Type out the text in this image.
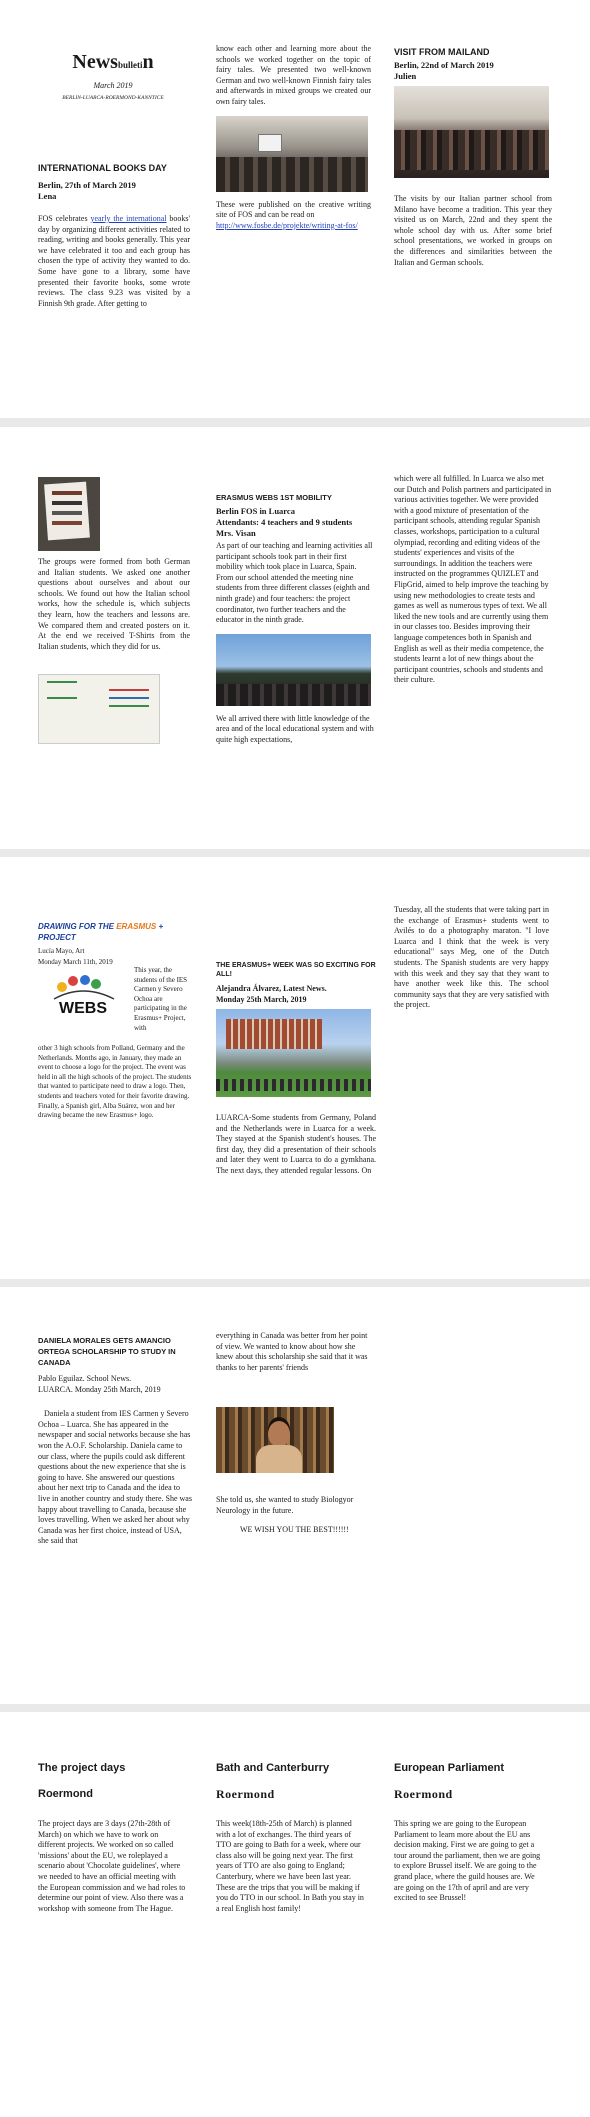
Newsbulletin
March 2019
BERLIN-LUARCA-ROERMOND-KANNTICE

INTERNATIONAL BOOKS DAY

Berlin, 27th of March 2019

Lena

FOS celebrates yearly the international books' day by organizing different activities related to reading, writing and books generally. This year we have celebrated it too and each group has chosen the type of activity they wanted to do. Some have gone to a library, some have presented their favorite books, some wrote reviews. The class 9.23 was visited by a Finnish 9th grade. After getting to

know each other and learning more about the schools we worked together on the topic of fairy tales. We presented two well-known German and two well-known Finnish fairy tales and afterwards in mixed groups we created our own fairy tales.

These were published on the creative writing site of FOS and can be read on

http://www.fosbe.de/projekte/writing-at-fos/

VISIT FROM MAILAND

Berlin, 22nd of March 2019

Julien

The visits by our Italian partner school from Milano have become a tradition. This year they visited us on March, 22nd and they spent the whole school day with us. After some brief school presentations, we worked in groups on the differences and similarities between the Italian and German schools.

The groups were formed from both German and Italian students. We asked one another questions about ourselves and about our schools. We found out how the Italian school works, how the schedule is, which subjects they learn, how the teachers and lessons are. We compared them and created posters on it. At the end we received T-Shirts from the Italian students, which they did for us.

ERASMUS WEBS 1ST MOBILITY

Berlin FOS in Luarca

Attendants: 4 teachers and 9 students

Mrs. Visan

As part of our teaching and learning activities all participant schools took part in their first mobility which took place in Luarca, Spain. From our school attended the meeting nine students from three different classes (eighth and ninth grade) and four teachers: the project coordinator, two further teachers and the educator in the ninth grade.

We all arrived there with little knowledge of the area and of the local educational system and with quite high expectations,

which were all fulfilled. In Luarca we also met our Dutch and Polish partners and participated in various activities together. We were provided with a good mixture of presentation of the participant schools, attending regular Spanish classes, workshops, participation to a cultural olympiad, recording and editing videos of the students' experiences and visits of the surroundings. In addition the teachers were instructed on the programmes QUIZLET and FlipGrid, aimed to help improve the teaching by using new methodologies to create tests and games as well as numerous types of text. We all liked the new tools and are currently using them in our classes too. Besides improving their language competences both in Spanish and English as well as their media competence, the students learnt a lot of new things about the participant countries, schools and students and their culture.

DRAWING FOR THE ERASMUS + PROJECT

Lucía Mayo, Art

Monday March 11th, 2019

WEBS

This year, the students of the IES Carmen y Severo Ochoa are participating in the Erasmus+ Project, with

other 3 high schools from Polland, Germany and the Netherlands. Months ago, in January, they made an event to choose a logo for the project. The event was held in all the high schools of the project. The students that wanted to participate need to draw a logo. Then, students and teachers voted for their favorite drawing. Finally, a Spanish girl, Alba Suárez, won and her drawing became the new Erasmus+ logo.

THE ERASMUS+ WEEK WAS SO EXCITING FOR ALL!

Alejandra Álvarez, Latest News.

Monday 25th March, 2019

LUARCA-Some students from Germany, Poland and the Netherlands were in Luarca for a week. They stayed at the Spanish student's houses. The first day, they did a presentation of their schools and later they went to Luarca to do a gymkhana. The next days, they attended regular lessons. On

Tuesday, all the students that were taking part in the exchange of Erasmus+ students went to Avilés to do a photography maraton. "I love Luarca and I think that the week is very educational" says Meg, one of the Dutch students. The Spanish students are very happy with this week and they say that they want to have another week like this. The school community says that they are very satisfied with the project.

DANIELA MORALES GETS AMANCIO ORTEGA SCHOLARSHIP TO STUDY IN CANADA

Pablo Eguilaz. School News.

LUARCA. Monday 25th March, 2019

Daniela a student from IES Carmen y Severo Ochoa – Luarca. She has appeared in the newspaper and social networks because she has won the A.O.F. Scholarship. Daniela came to our class, where the pupils could ask different questions about the new experience that she is going to have. She answered our questions about her next trip to Canada and the idea to live in another country and study there. She was happy about travelling to Canada, because she loves travelling. When we asked her about why Canada was her first choice, instead of USA, she said that

everything in Canada was better from her point of view. We wanted to know about how she knew about this scholarship she said that it was thanks to her parents' friends

She told us, she wanted to study Biologyor Neurology in the future.

WE WISH YOU THE BEST!!!!!!

The project days

Roermond

The project days are 3 days (27th-28th of March) on which we have to work on different projects. We worked on so called 'missions' about the EU, we roleplayed a scenario about 'Chocolate guidelines', where we needed to have an official meeting with the European commission and we had roles to determine our point of view. Also there was a workshop with someone from The Hague.

Bath and Canterburry

Roermond

This week(18th-25th of March) is planned with a lot of exchanges. The third years of TTO are going to Bath for a week, where our class also will be going next year. The first years of TTO are also going to England; Canterbury, where we have been last year. These are the trips that you will be making if you do TTO in our school. In Bath you stay in a real English host family!

European Parliament

Roermond

This spring we are going to the European Parliament to learn more about the EU ans decision making. First we are going to get a tour around the parliament, then we are going to explore Brussel itself. We are going to the grand place, where the guild houses are. We are going on the 17th of april and are very excited to see Brussel!
